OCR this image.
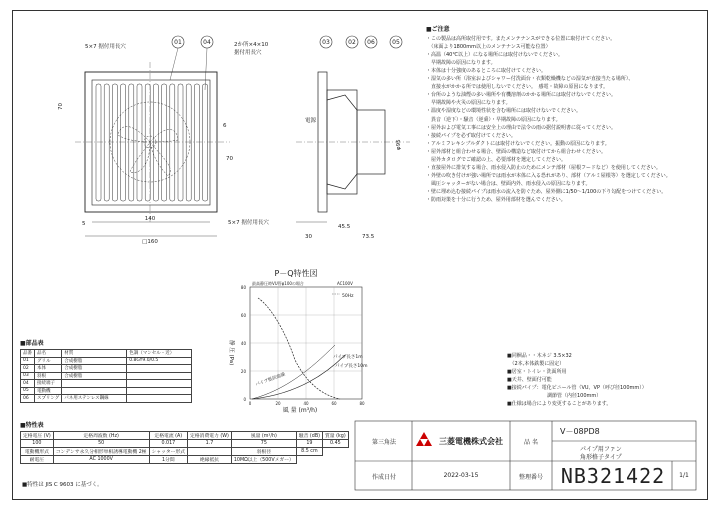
01	04
140
□160
70
70
6
5
5×7 据付用長穴
5×7 据付用長穴
2か所×4×10
据付用長穴
03	02 06	05
30
45.5
73.5
φ95
電源
P－Q特性図
最高静圧時VU管φ100の場合	AC100V
50Hz
パイプ長さ1m
パイプ長さ10m
パイプ抵抗曲線
静 圧 (Pa)
風 量 (m³/h)
0	20	40	60	80
0
20
40
60
80
■ご注意
・この製品は高所取付用です。またメンテナンスができる位置に取付けてください。
　（床面より1800mm以上のメンテナンス可能な位置）
・高温（40℃以上）になる場所には取付けないでください。
　早期故障の原因になります。
・本体は十分強度のあるところに取付けてください。
・湿気の多い所（浴室およびシャワー付洗面台・衣類乾燥機などの湿気が直接当たる場所）、
　直接水がかかる所では使用しないでください。　感電・故障の原因になります。
・台所のような油煙の多い場所や有機溶剤のかかる場所には取付けないでください。
　早期故障や火災の原因になります。
・温度や湿度などの環境性状を含む場所には取付けないでください。
　異音（逆下）・騒音（逆乗）・早期故障の原因になります。
・屋外および電気工事には安全上の理由で法令の雨の据付説明書に従ってください。
・接続パイプを必ず取付けてください。
・アルミフレキシブルダクトには取付けないでください。振動の原因になります。
・屋外部材と組合わせる場合、壁面の構造など取付けてから組合わせください。
　屋外カタログでご確認の上、必要部材を選定してください。
・直接屋外に排気する場合、雨水侵入防止のためにメンテ部材（屋根フードなど）を使用してください。
・外壁の吹き付けが強い場所では雨水が本体に入る恐れがあり、部材（アルミ屋根等）を選定してください。
　風圧シャッターがない場合は、壁面内外、雨水侵入の原因になります。
・壁に埋め込む接続パイプは雨水の流入を防ぐため、屋外側に1/50～1/100の下り勾配をつけてください。
・防雨対策を十分に行うため、屋外用部材を選んでください。
■同梱品・・木ネジ 3.5×32
　（2本,本体鉄製に固定）
■居室・トイレ・洗面所用
■天井、壁面付可能
■接続パイプ：電化ピニール管（VU、VP（呼び径100mm））
　　　　　　　　調節管（内径100mm）
■仕様は場合により変更することがあります。
■部品表
品番	品名	材質	色調（マンセル・近）
01	グリル	合成樹脂	0.8GY9.0/0.5
02	本体	合成樹脂	
03	羽根	合成樹脂	
04	接続端子		
05	電動機		
06	スプリング	パネ用ステンレス鋼線	
■特性表
定格電圧 (V)	定格周波数 (Hz)	定格電流 (A)	定格消費電力 (W)	風量 (m³/h)	騒音 (dB)	質量 (kg)
100	50	0.017	1.7	75	19	0.45
電動機形式	コンデンサ永久分相形単相誘導電動機 2極	シャッター形式		羽根径	8.5 cm	
耐電圧	AC 1000V	1分間	絶縁抵抗	10MΩ以上（500Vメガー）		
■特性は JIS C 9603 に基づく。
第三角法	三菱電機株式会社	品 名
V－08PD8
パイプ用ファン
角形格子タイプ
作成日付	2022-03-15	整理番号 NB321422	1/1
